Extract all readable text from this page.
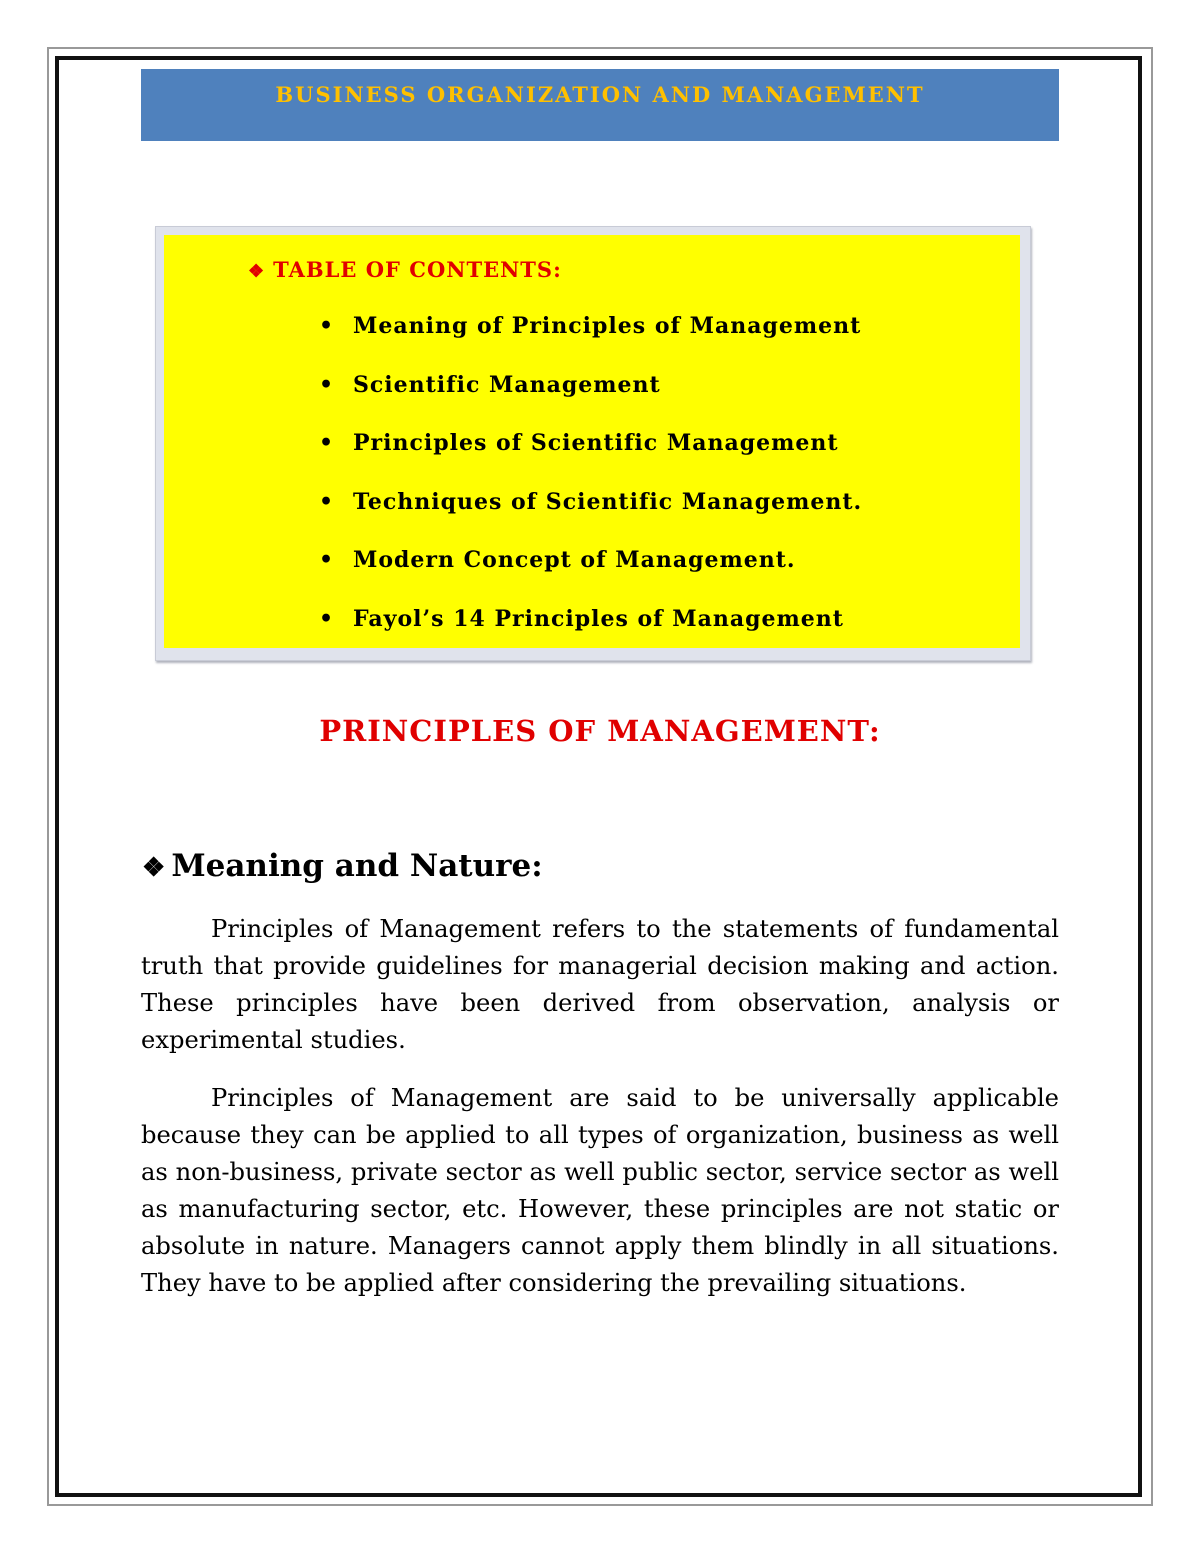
BUSINESS ORGANIZATION AND MANAGEMENT
❖ TABLE OF CONTENTS:
• Meaning of Principles of Management
• Scientific Management
• Principles of Scientific Management
• Techniques of Scientific Management.
• Modern Concept of Management.
• Fayol’s 14 Principles of Management
PRINCIPLES OF MANAGEMENT:
❖ Meaning and Nature:

Principles of Management refers to the statements of fundamental truth that provide guidelines for managerial decision making and action. These principles have been derived from observation, analysis or experimental studies.

Principles of Management are said to be universally applicable because they can be applied to all types of organization, business as well as non-business, private sector as well public sector, service sector as well as manufacturing sector, etc. However, these principles are not static or absolute in nature. Managers cannot apply them blindly in all situations. They have to be applied after considering the prevailing situations.
